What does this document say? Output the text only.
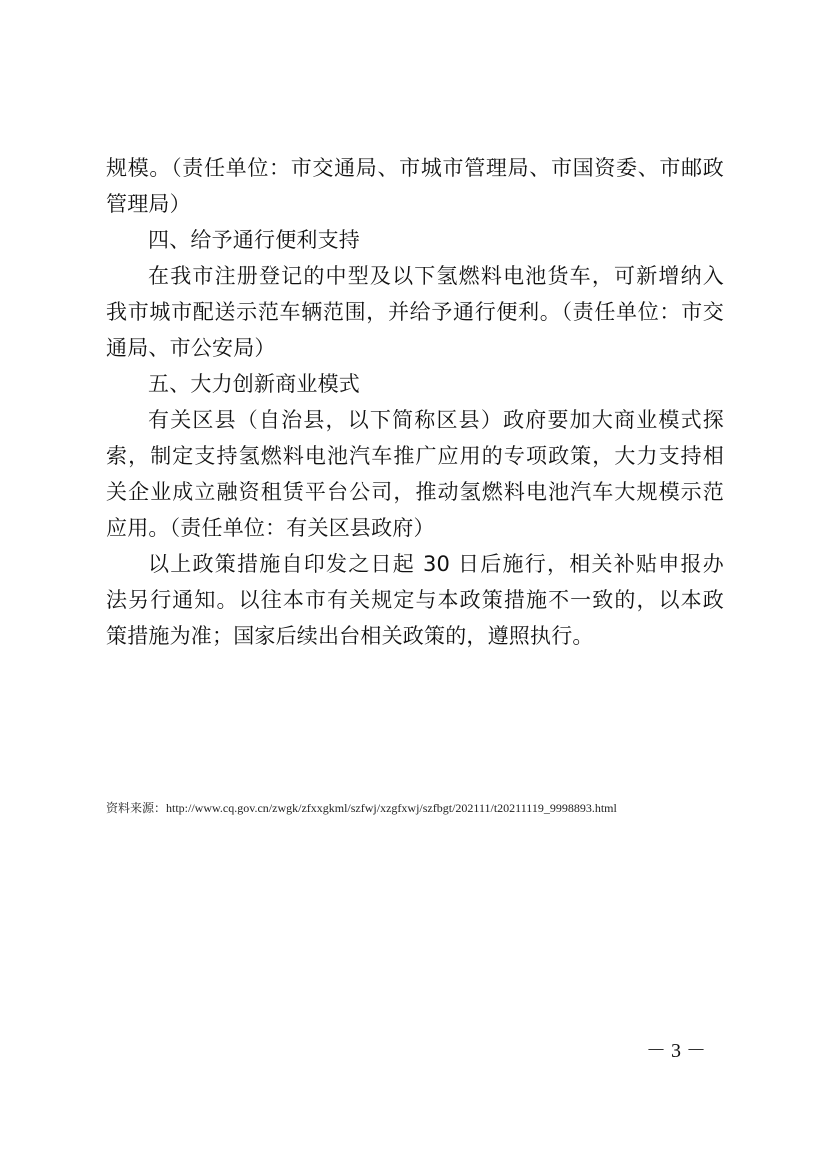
规模。（责任单位：市交通局、市城市管理局、市国资委、市邮政
管理局）
四、给予通行便利支持
在我市注册登记的中型及以下氢燃料电池货车，可新增纳入
我市城市配送示范车辆范围，并给予通行便利。（责任单位：市交
通局、市公安局）
五、大力创新商业模式
有关区县（自治县，以下简称区县）政府要加大商业模式探
索，制定支持氢燃料电池汽车推广应用的专项政策，大力支持相
关企业成立融资租赁平台公司，推动氢燃料电池汽车大规模示范
应用。（责任单位：有关区县政府）
以上政策措施自印发之日起 30 日后施行，相关补贴申报办
法另行通知。以往本市有关规定与本政策措施不一致的，以本政
策措施为准；国家后续出台相关政策的，遵照执行。
资料来源：http://www.cq.gov.cn/zwgk/zfxxgkml/szfwj/xzgfxwj/szfbgt/202111/t20211119_9998893.html
－ 3 －
